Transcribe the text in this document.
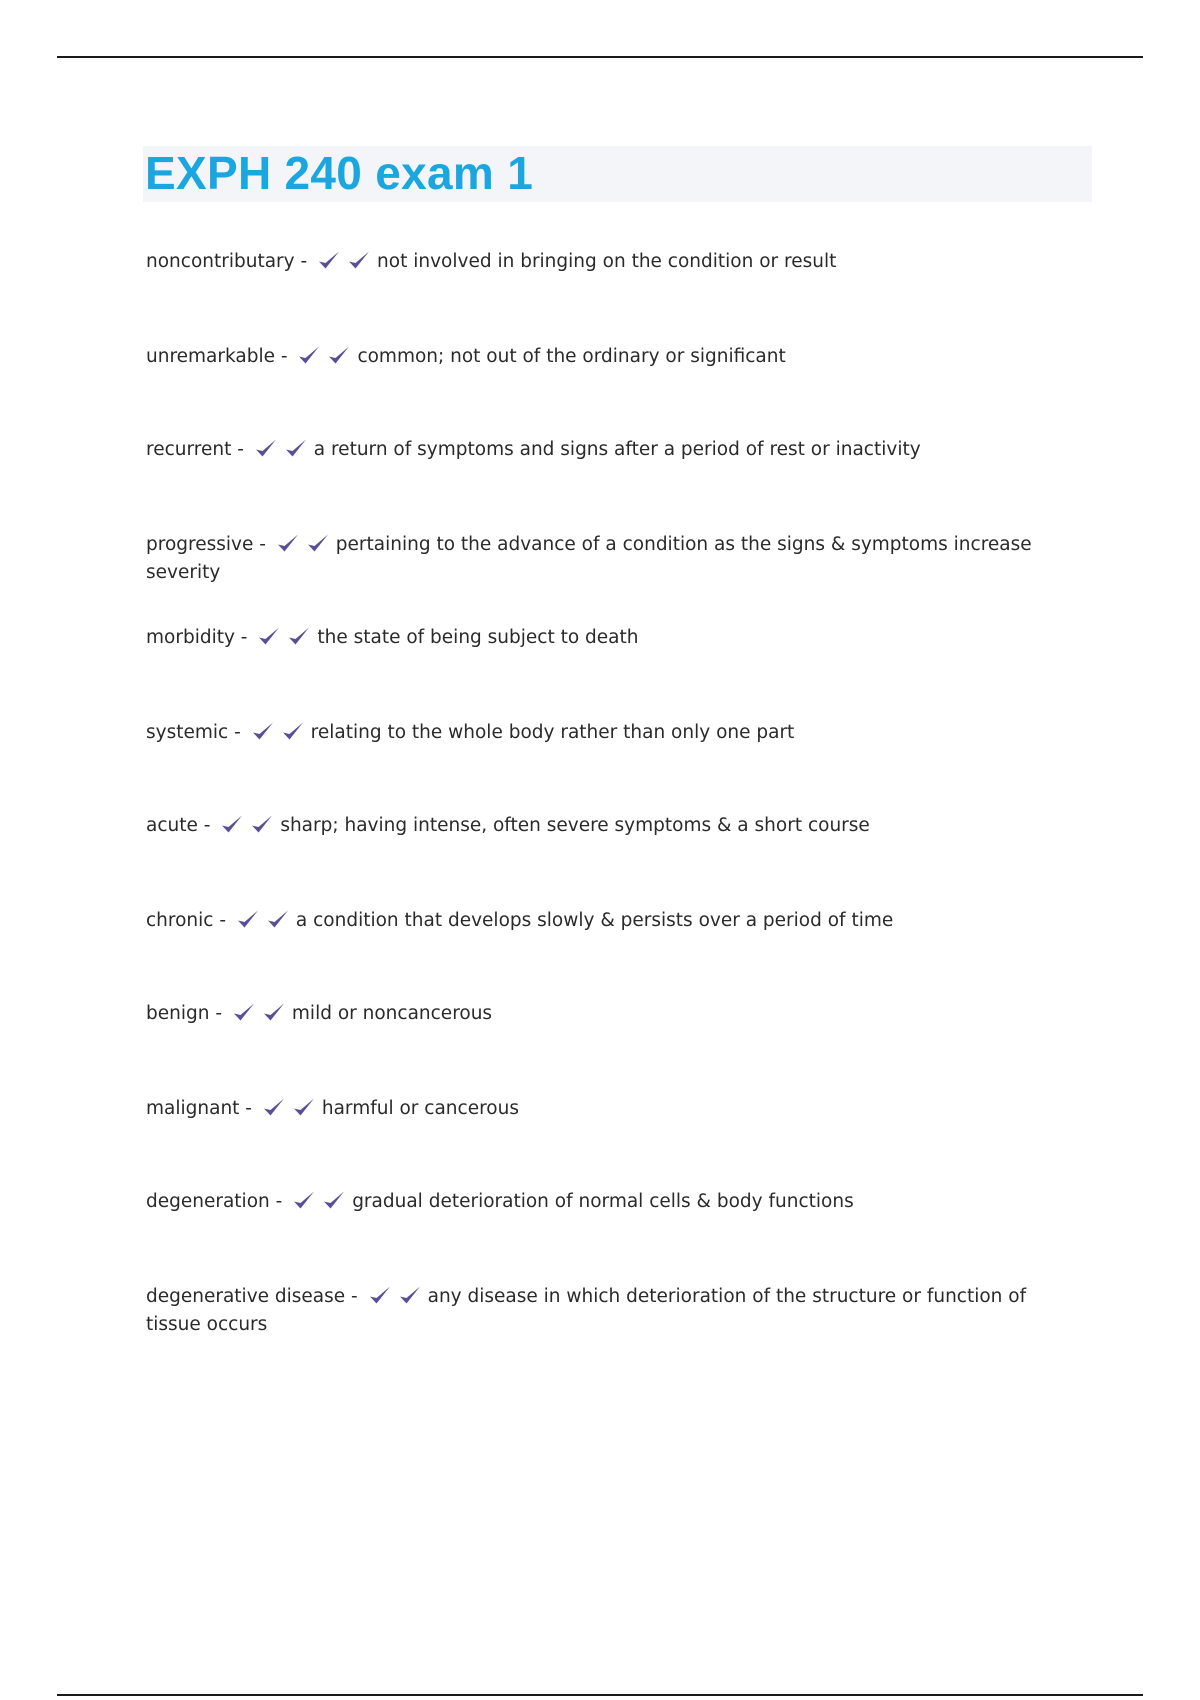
EXPH 240 exam 1
noncontributary -	not involved in bringing on the condition or result
unremarkable -	common; not out of the ordinary or significant
recurrent -	a return of symptoms and signs after a period of rest or inactivity
progressive -	pertaining to the advance of a condition as the signs & symptoms increase severity
morbidity -	the state of being subject to death
systemic -	relating to the whole body rather than only one part
acute -	sharp; having intense, often severe symptoms & a short course
chronic -	a condition that develops slowly & persists over a period of time
benign -	mild or noncancerous
malignant -	harmful or cancerous
degeneration -	gradual deterioration of normal cells & body functions
degenerative disease -	any disease in which deterioration of the structure or function of tissue occurs
